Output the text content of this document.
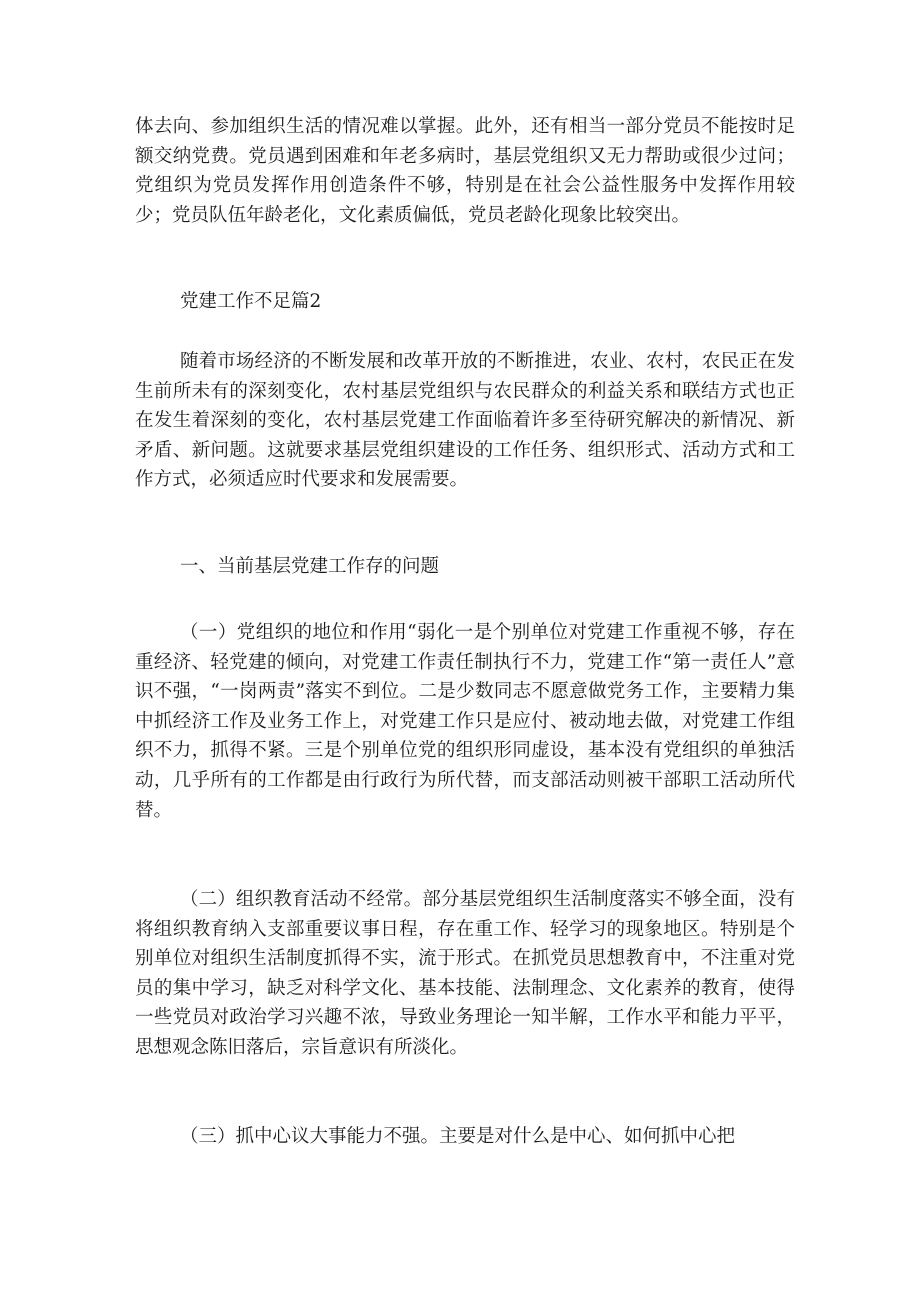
体去向、参加组织生活的情况难以掌握。此外，还有相当一部分党员不能按时足额交纳党费。党员遇到困难和年老多病时，基层党组织又无力帮助或很少过问；党组织为党员发挥作用创造条件不够，特别是在社会公益性服务中发挥作用较少；党员队伍年龄老化，文化素质偏低，党员老龄化现象比较突出。

党建工作不足篇2

随着市场经济的不断发展和改革开放的不断推进，农业、农村，农民正在发生前所未有的深刻变化，农村基层党组织与农民群众的利益关系和联结方式也正在发生着深刻的变化，农村基层党建工作面临着许多至待研究解决的新情况、新矛盾、新问题。这就要求基层党组织建设的工作任务、组织形式、活动方式和工作方式，必须适应时代要求和发展需要。

一、当前基层党建工作存的问题

（一）党组织的地位和作用“弱化一是个别单位对党建工作重视不够，存在重经济、轻党建的倾向，对党建工作责任制执行不力，党建工作“第一责任人”意识不强，“一岗两责”落实不到位。二是少数同志不愿意做党务工作，主要精力集中抓经济工作及业务工作上，对党建工作只是应付、被动地去做，对党建工作组织不力，抓得不紧。三是个别单位党的组织形同虚设，基本没有党组织的单独活动，几乎所有的工作都是由行政行为所代替，而支部活动则被干部职工活动所代替。

（二）组织教育活动不经常。部分基层党组织生活制度落实不够全面，没有将组织教育纳入支部重要议事日程，存在重工作、轻学习的现象地区。特别是个别单位对组织生活制度抓得不实，流于形式。在抓党员思想教育中，不注重对党员的集中学习，缺乏对科学文化、基本技能、法制理念、文化素养的教育，使得一些党员对政治学习兴趣不浓，导致业务理论一知半解，工作水平和能力平平，思想观念陈旧落后，宗旨意识有所淡化。

（三）抓中心议大事能力不强。主要是对什么是中心、如何抓中心把
